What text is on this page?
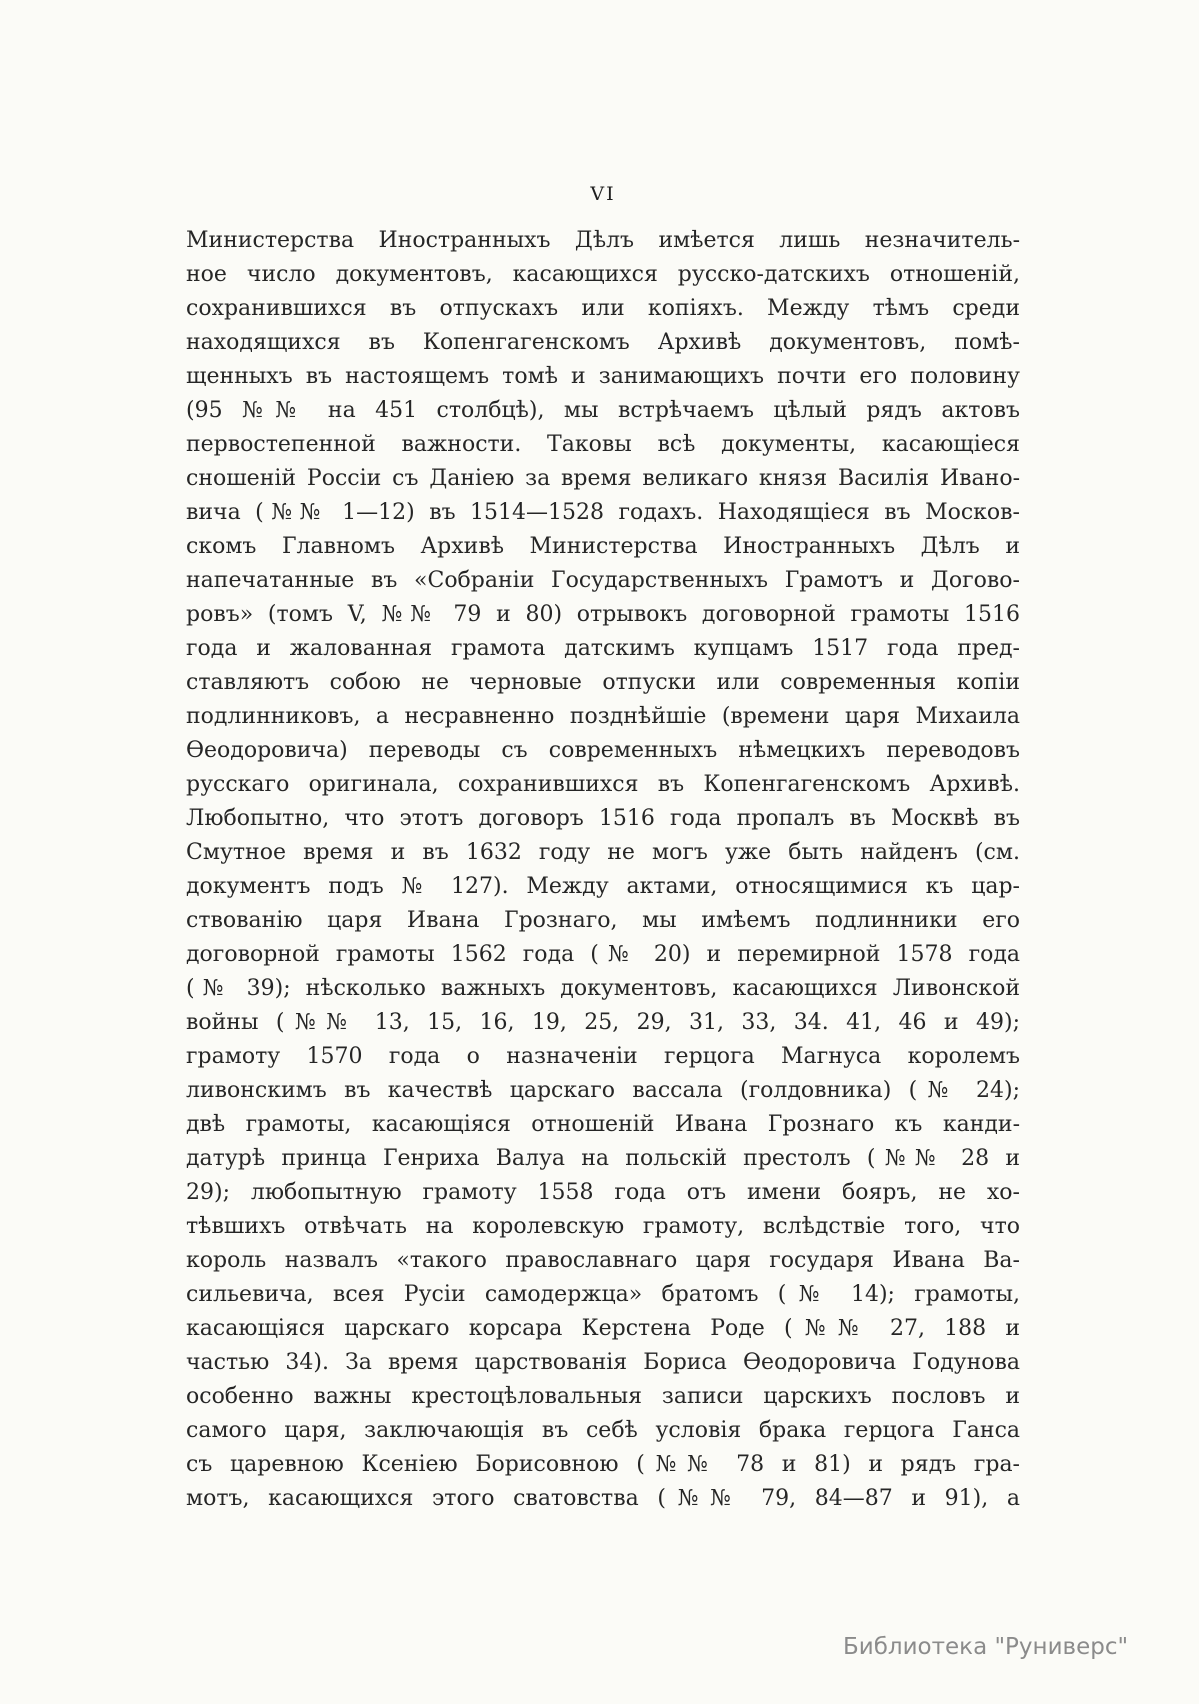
VI
Министерства Иностранныхъ Дѣлъ имѣется лишь незначитель-
ное число документовъ, касающихся русско-датскихъ отношеній,
сохранившихся въ отпускахъ или копіяхъ. Между тѣмъ среди
находящихся въ Копенгагенскомъ Архивѣ документовъ, помѣ-
щенныхъ въ настоящемъ томѣ и занимающихъ почти его половину
(95 №№ на 451 столбцѣ), мы встрѣчаемъ цѣлый рядъ актовъ
первостепенной важности. Таковы всѣ документы, касающіеся
сношеній Россіи съ Даніею за время великаго князя Василія Ивано-
вича (№№ 1—12) въ 1514—1528 годахъ. Находящіеся въ Москов-
скомъ Главномъ Архивѣ Министерства Иностранныхъ Дѣлъ и
напечатанные въ «Собраніи Государственныхъ Грамотъ и Догово-
ровъ» (томъ V, №№ 79 и 80) отрывокъ договорной грамоты 1516
года и жалованная грамота датскимъ купцамъ 1517 года пред-
ставляютъ собою не черновые отпуски или современныя копіи
подлинниковъ, а несравненно позднѣйшіе (времени царя Михаила
Ѳеодоровича) переводы съ современныхъ нѣмецкихъ переводовъ
русскаго оригинала, сохранившихся въ Копенгагенскомъ Архивѣ.
Любопытно, что этотъ договоръ 1516 года пропалъ въ Москвѣ въ
Смутное время и въ 1632 году не могъ уже быть найденъ (см.
документъ подъ № 127). Между актами, относящимися къ цар-
ствованію царя Ивана Грознаго, мы имѣемъ подлинники его
договорной грамоты 1562 года (№ 20) и перемирной 1578 года
(№ 39); нѣсколько важныхъ документовъ, касающихся Ливонской
войны (№№ 13, 15, 16, 19, 25, 29, 31, 33, 34. 41, 46 и 49);
грамоту 1570 года о назначеніи герцога Магнуса королемъ
ливонскимъ въ качествѣ царскаго вассала (голдовника) (№ 24);
двѣ грамоты, касающіяся отношеній Ивана Грознаго къ канди-
датурѣ принца Генриха Валуа на польскій престолъ (№№ 28 и
29); любопытную грамоту 1558 года отъ имени бояръ, не хо-
тѣвшихъ отвѣчать на королевскую грамоту, вслѣдствіе того, что
король назвалъ «такого православнаго царя государя Ивана Ва-
сильевича, всея Русіи самодержца» братомъ (№ 14); грамоты,
касающіяся царскаго корсара Керстена Роде (№№ 27, 188 и
частью 34). За время царствованія Бориса Ѳеодоровича Годунова
особенно важны крестоцѣловальныя записи царскихъ пословъ и
самого царя, заключающія въ себѣ условія брака герцога Ганса
съ царевною Ксеніею Борисовною (№№ 78 и 81) и рядъ гра-
мотъ, касающихся этого сватовства (№№ 79, 84—87 и 91), а
Библиотека "Руниверс"
